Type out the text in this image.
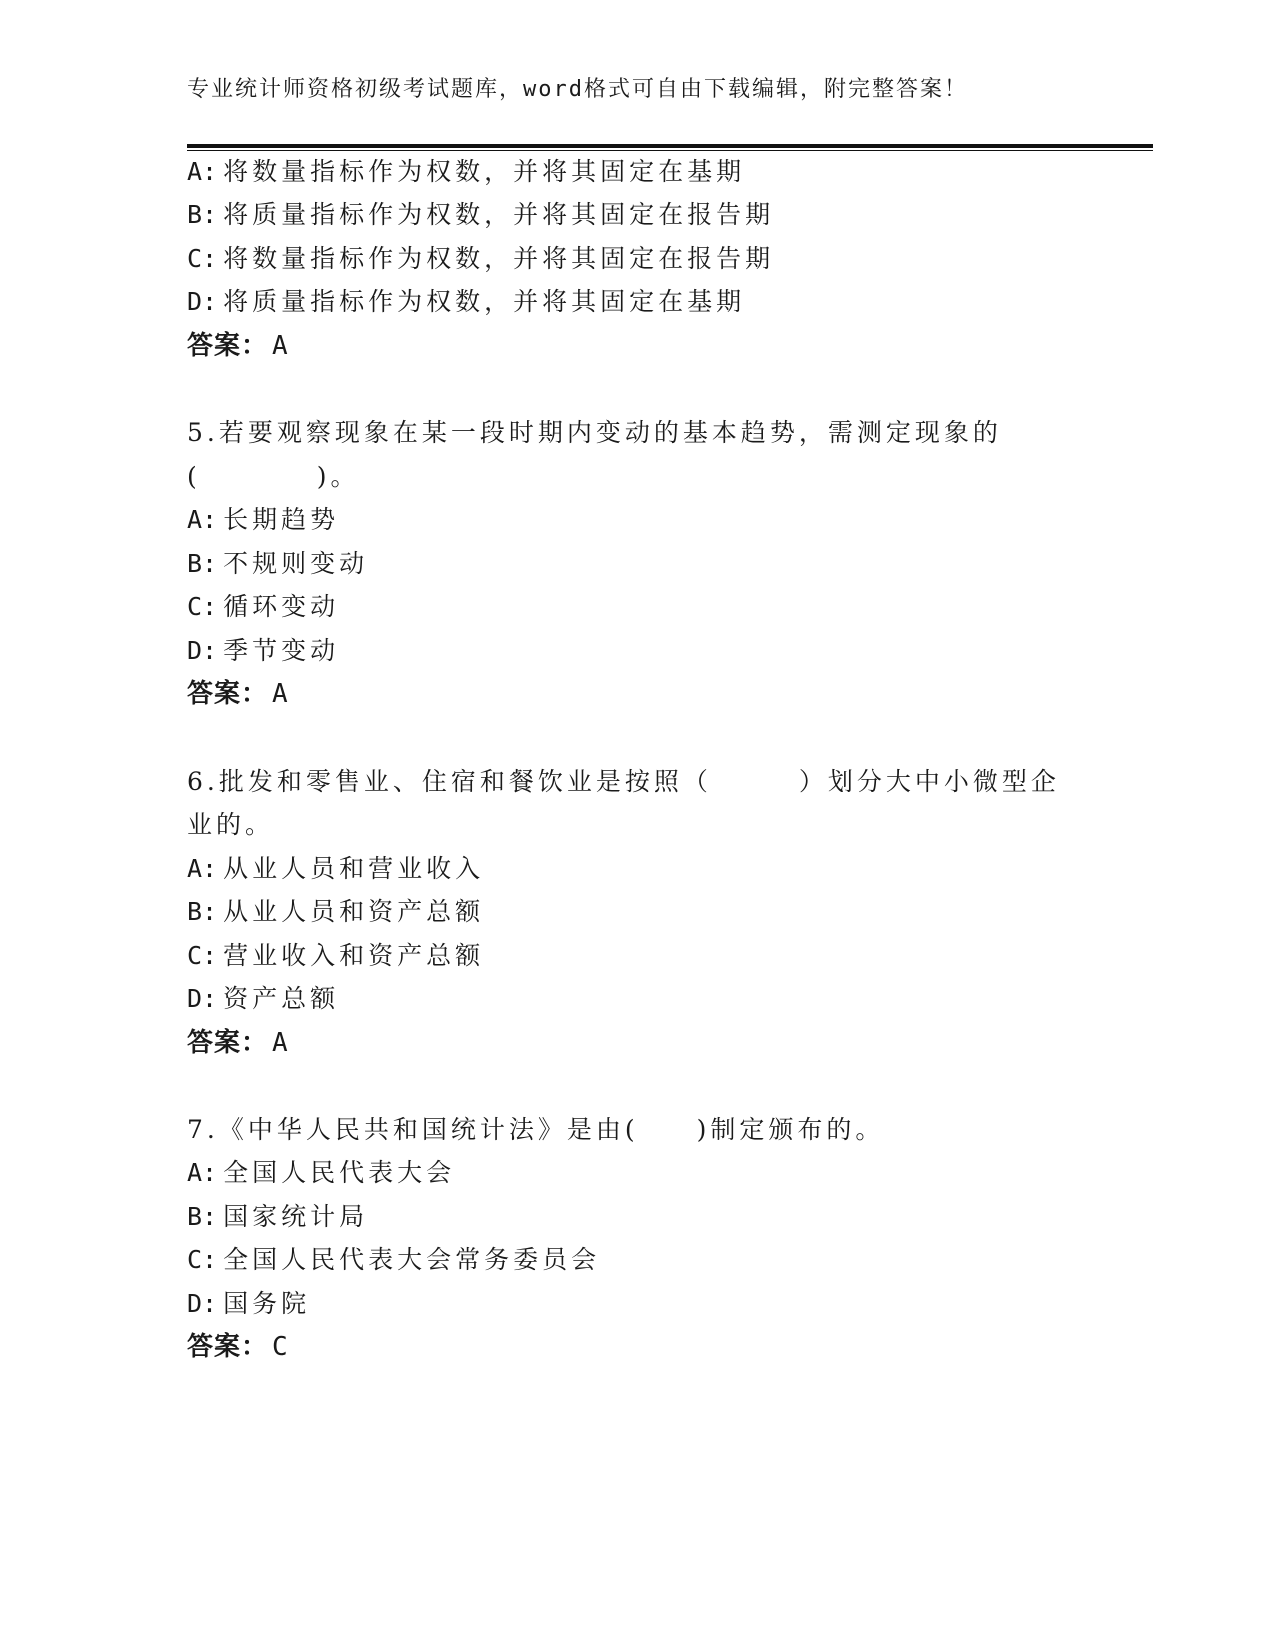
专业统计师资格初级考试题库，word格式可自由下载编辑，附完整答案！
A: 将数量指标作为权数，并将其固定在基期
B: 将质量指标作为权数，并将其固定在报告期
C: 将数量指标作为权数，并将其固定在报告期
D: 将质量指标作为权数，并将其固定在基期
答案： A
5.若要观察现象在某一段时期内变动的基本趋势，需测定现象的
(　　　　)。
A: 长期趋势
B: 不规则变动
C: 循环变动
D: 季节变动
答案： A
6.批发和零售业、住宿和餐饮业是按照（　　　）划分大中小微型企
业的。
A: 从业人员和营业收入
B: 从业人员和资产总额
C: 营业收入和资产总额
D: 资产总额
答案： A
7.《中华人民共和国统计法》是由(　　)制定颁布的。
A: 全国人民代表大会
B: 国家统计局
C: 全国人民代表大会常务委员会
D: 国务院
答案： C
